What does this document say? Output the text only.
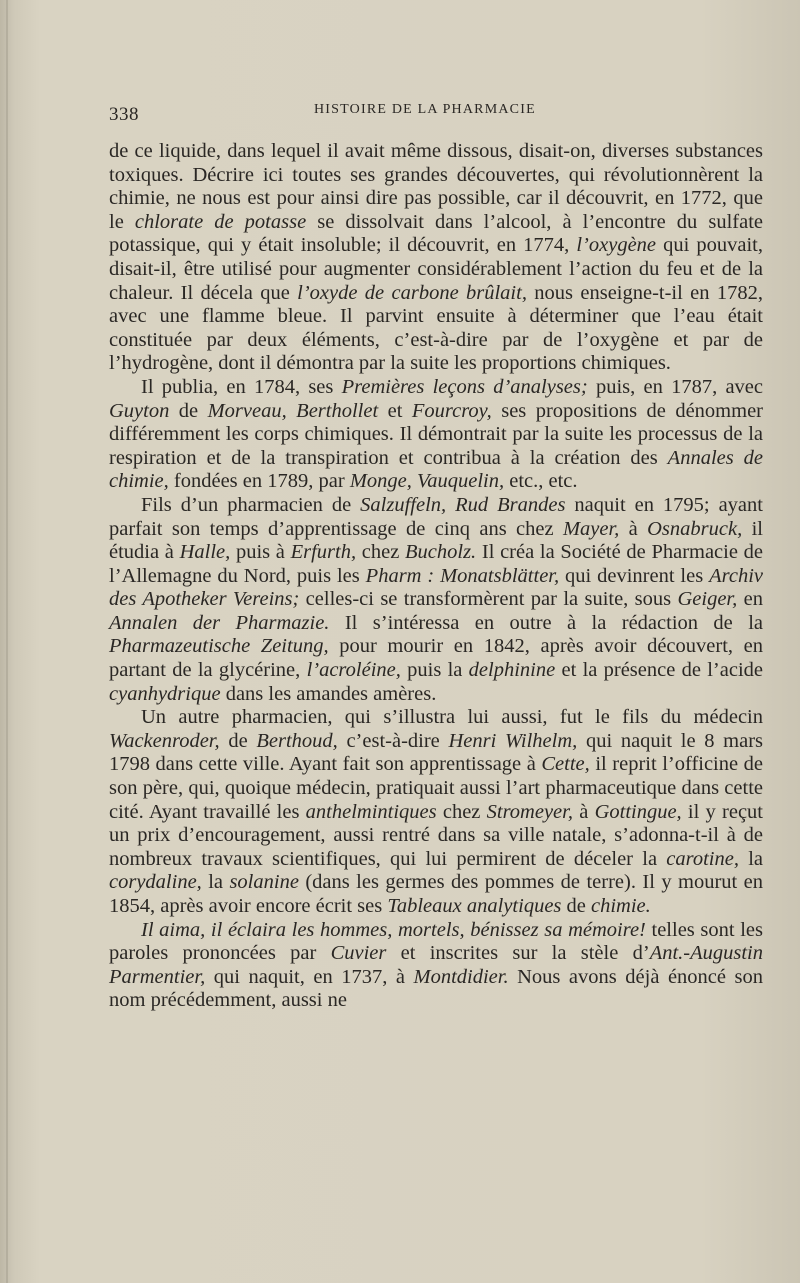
338	HISTOIRE DE LA PHARMACIE

de ce liquide, dans lequel il avait même dissous, disait-on, diverses substances toxiques. Décrire ici toutes ses grandes découvertes, qui révolutionnèrent la chimie, ne nous est pour ainsi dire pas possible, car il découvrit, en 1772, que le chlorate de potasse se dissolvait dans l’alcool, à l’encontre du sulfate potassique, qui y était insoluble; il découvrit, en 1774, l’oxygène qui pouvait, disait-il, être utilisé pour augmenter considérablement l’action du feu et de la chaleur. Il décela que l’oxyde de carbone brûlait, nous enseigne-t-il en 1782, avec une flamme bleue. Il parvint ensuite à déterminer que l’eau était constituée par deux éléments, c’est-à-dire par de l’oxygène et par de l’hydrogène, dont il démontra par la suite les proportions chimiques.

Il publia, en 1784, ses Premières leçons d’analyses; puis, en 1787, avec Guyton de Morveau, Berthollet et Fourcroy, ses propositions de dénommer différemment les corps chimiques. Il démontrait par la suite les processus de la respiration et de la transpiration et contribua à la création des Annales de chimie, fondées en 1789, par Monge, Vauquelin, etc., etc.

Fils d’un pharmacien de Salzuffeln, Rud Brandes naquit en 1795; ayant parfait son temps d’apprentissage de cinq ans chez Mayer, à Osnabruck, il étudia à Halle, puis à Erfurth, chez Bucholz. Il créa la Société de Pharmacie de l’Allemagne du Nord, puis les Pharm : Monatsblätter, qui devinrent les Archiv des Apotheker Vereins; celles-ci se transformèrent par la suite, sous Geiger, en Annalen der Pharmazie. Il s’intéressa en outre à la rédaction de la Pharmazeutische Zeitung, pour mourir en 1842, après avoir découvert, en partant de la glycérine, l’acroléine, puis la delphinine et la présence de l’acide cyanhydrique dans les amandes amères.

Un autre pharmacien, qui s’illustra lui aussi, fut le fils du médecin Wackenroder, de Berthoud, c’est-à-dire Henri Wilhelm, qui naquit le 8 mars 1798 dans cette ville. Ayant fait son apprentissage à Cette, il reprit l’officine de son père, qui, quoique médecin, pratiquait aussi l’art pharmaceutique dans cette cité. Ayant travaillé les anthelmintiques chez Stromeyer, à Gottingue, il y reçut un prix d’encouragement, aussi rentré dans sa ville natale, s’adonna-t-il à de nombreux travaux scientifiques, qui lui permirent de déceler la carotine, la corydaline, la solanine (dans les germes des pommes de terre). Il y mourut en 1854, après avoir encore écrit ses Tableaux analytiques de chimie.

Il aima, il éclaira les hommes, mortels, bénissez sa mémoire! telles sont les paroles prononcées par Cuvier et inscrites sur la stèle d’Ant.-Augustin Parmentier, qui naquit, en 1737, à Montdidier. Nous avons déjà énoncé son nom précédemment, aussi ne
